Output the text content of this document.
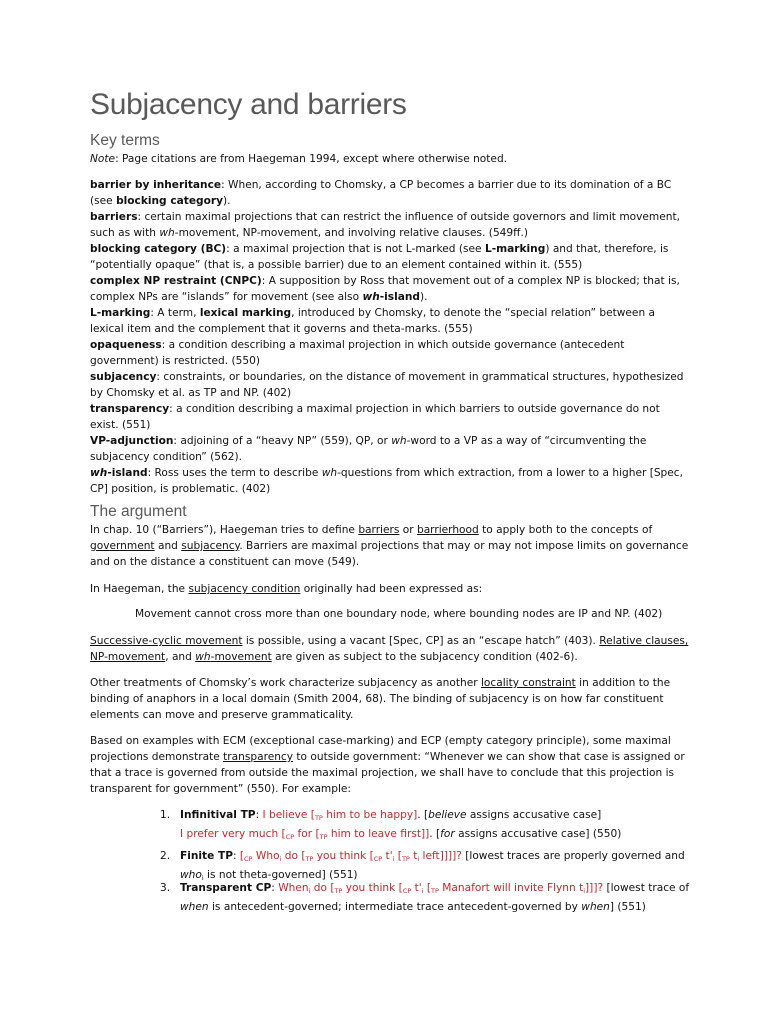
Subjacency and barriers
Key terms

Note: Page citations are from Haegeman 1994, except where otherwise noted.

barrier by inheritance: When, according to Chomsky, a CP becomes a barrier due to its domination of a BC (see blocking category).

barriers: certain maximal projections that can restrict the influence of outside governors and limit movement, such as with wh-movement, NP-movement, and involving relative clauses. (549ff.)

blocking category (BC): a maximal projection that is not L-marked (see L-marking) and that, therefore, is “potentially opaque” (that is, a possible barrier) due to an element contained within it. (555)

complex NP restraint (CNPC): A supposition by Ross that movement out of a complex NP is blocked; that is, complex NPs are “islands” for movement (see also wh-island).

L-marking: A term, lexical marking, introduced by Chomsky, to denote the “special relation” between a lexical item and the complement that it governs and theta-marks. (555)

opaqueness: a condition describing a maximal projection in which outside governance (antecedent government) is restricted. (550)

subjacency: constraints, or boundaries, on the distance of movement in grammatical structures, hypothesized by Chomsky et al. as TP and NP. (402)

transparency: a condition describing a maximal projection in which barriers to outside governance do not exist. (551)

VP-adjunction: adjoining of a “heavy NP” (559), QP, or wh-word to a VP as a way of “circumventing the subjacency condition” (562).

wh-island: Ross uses the term to describe wh-questions from which extraction, from a lower to a higher [Spec, CP] position, is problematic. (402)

The argument

In chap. 10 (“Barriers”), Haegeman tries to define barriers or barrierhood to apply both to the concepts of government and subjacency. Barriers are maximal projections that may or may not impose limits on governance and on the distance a constituent can move (549).

In Haegeman, the subjacency condition originally had been expressed as:

Movement cannot cross more than one boundary node, where bounding nodes are IP and NP. (402)

Successive-cyclic movement is possible, using a vacant [Spec, CP] as an “escape hatch” (403). Relative clauses, NP-movement, and wh-movement are given as subject to the subjacency condition (402-6).

Other treatments of Chomsky’s work characterize subjacency as another locality constraint in addition to the binding of anaphors in a local domain (Smith 2004, 68). The binding of subjacency is on how far constituent elements can move and preserve grammaticality.

Based on examples with ECM (exceptional case-marking) and ECP (empty category principle), some maximal projections demonstrate transparency to outside government: “Whenever we can show that case is assigned or that a trace is governed from outside the maximal projection, we shall have to conclude that this projection is transparent for government” (550). For example:

1. Infinitival TP: I believe [$_{TP}$ him to be happy]. [believe assigns accusative case]
I prefer very much [$_{CP}$ for [$_{TP}$ him to leave first]]. [for assigns accusative case] (550)
2. Finite TP: [$_{CP}$ Who$_i$ do [$_{TP}$ you think [$_{CP}$ $t'_i$ [$_{TP}$ $t_i$ left]]]]? [lowest traces are properly governed and who$_i$ is not theta-governed] (551)
3. Transparent CP: When$_i$ do [$_{TP}$ you think [$_{CP}$ $t'_i$ [$_{TP}$ Manafort will invite Flynn $t_i$]]]? [lowest trace of when is antecedent-governed; intermediate trace antecedent-governed by when] (551)
